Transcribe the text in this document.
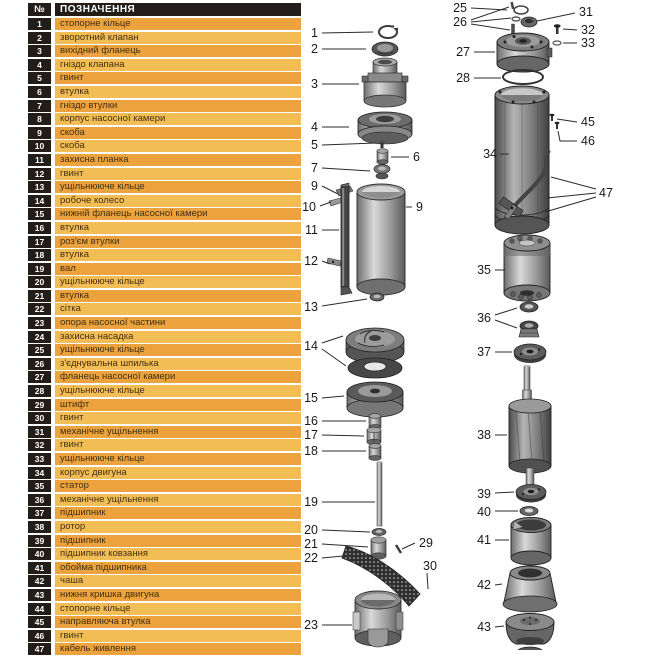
№	ПОЗНАЧЕННЯ
1	стопорне кільце
2	зворотний клапан
3	вихідний фланець
4	гніздо клапана
5	гвинт
6	втулка
7	гніздо втулки
8	корпус насосної камери
9	скоба
10	скоба
11	захисна планка
12	гвинт
13	ущільнююче кільце
14	робоче колесо
15	нижній фланець насосної камери
16	втулка
17	роз'єм втулки
18	втулка
19	вал
20	ущільнююче кільце
21	втулка
22	сітка
23	опора насосної частини
24	захисна насадка
25	ущільнююче кільце
26	з'єднувальна шпилька
27	фланець насосної камери
28	ущільнююче кільце
29	штифт
30	гвинт
31	механічне ущільнення
32	гвинт
33	ущільнююче кільце
34	корпус двигуна
35	статор
36	механічне ущільнення
37	підшипник
38	ротор
39	підшипник
40	підшипник ковзання
41	обойма підшипника
42	чаша
43	нижня кришка двигуна
44	стопорне кільце
45	направляюча втулка
46	гвинт
47	кабель живлення
1
2
3
4
5
6
7
9
10
11
12
9
13
14
15
16
17
18
19
20
21	29
22
30
23
25
26
31
32
33
27
28
34
45
46
47
35
36
37
38
39
40
41
42
43
